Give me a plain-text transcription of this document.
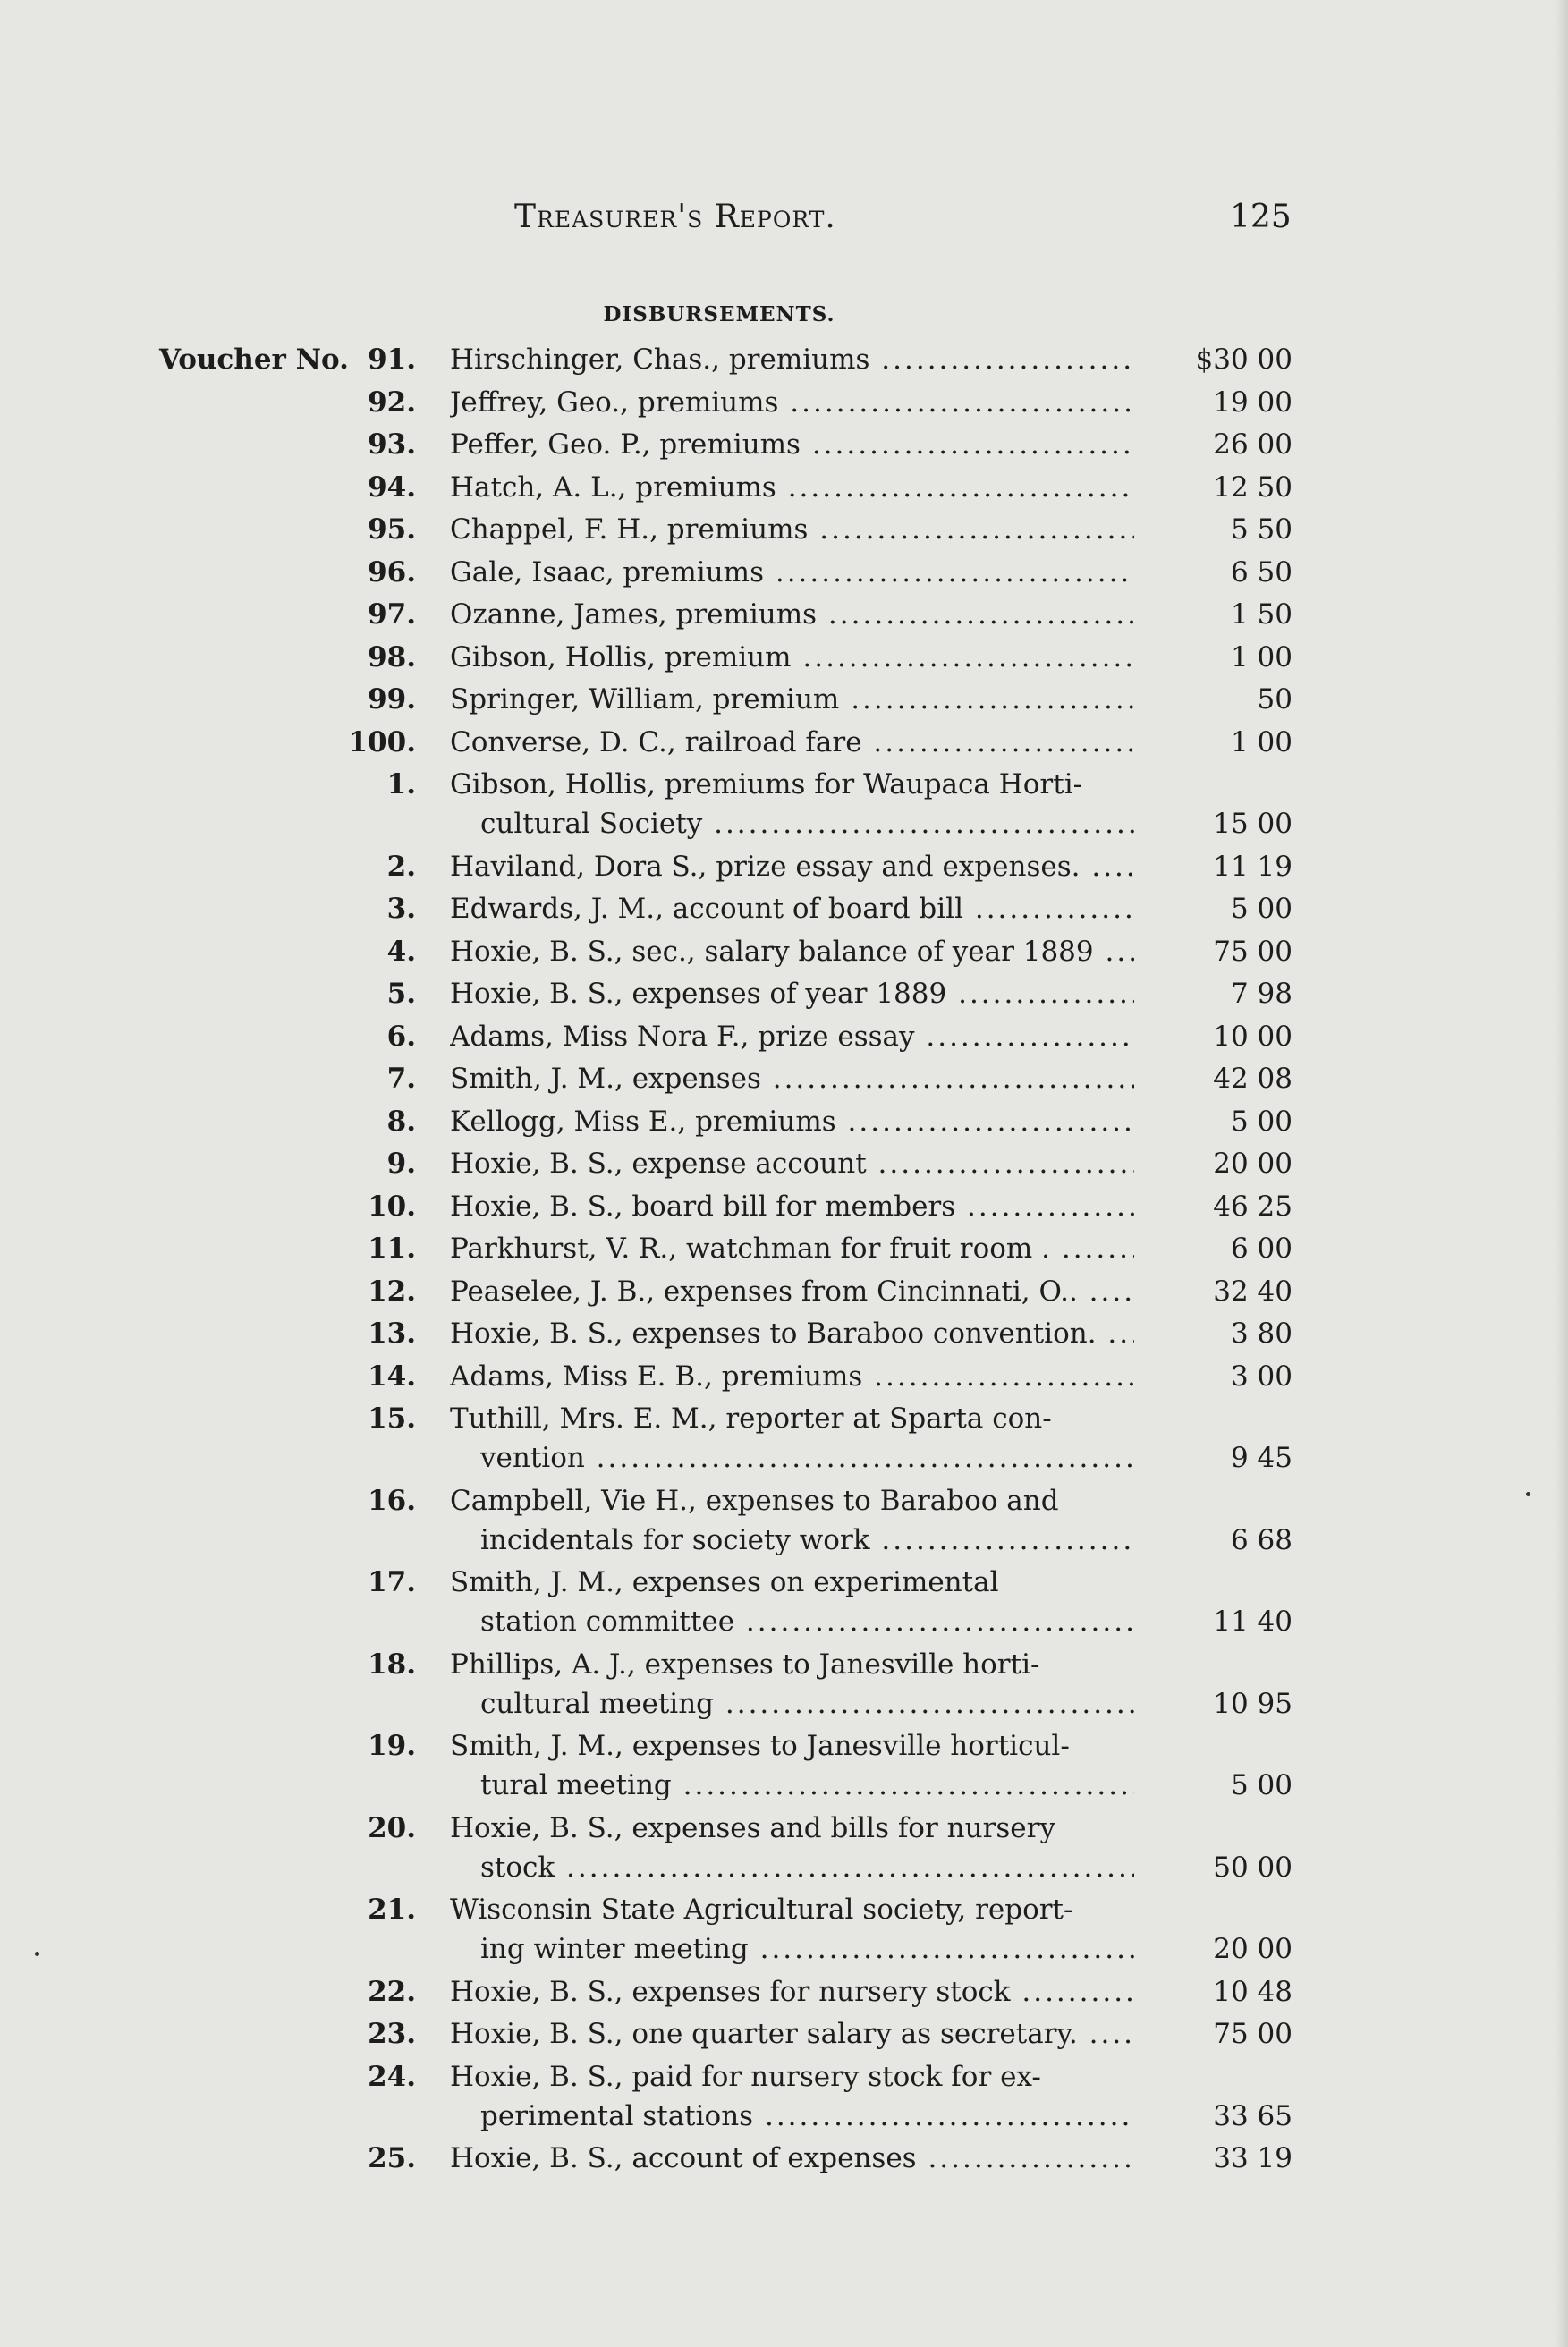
Treasurer's Report.	125
DISBURSEMENTS.
Voucher No. 91. Hirschinger, Chas., premiums .....	$30 00
92. Jeffrey, Geo., premiums .....	19 00
93. Peffer, Geo. P., premiums .....	26 00
94. Hatch, A. L., premiums .....	12 50
95. Chappel, F. H., premiums .....	5 50
96. Gale, Isaac, premiums .....	6 50
97. Ozanne, James, premiums .....	1 50
98. Gibson, Hollis, premium .....	1 00
99. Springer, William, premium .....	50
100. Converse, D. C., railroad fare .....	1 00
1. Gibson, Hollis, premiums for Waupaca Horti-
cultural Society .....	15 00
2. Haviland, Dora S., prize essay and expenses. .....	11 19
3. Edwards, J. M., account of board bill .....	5 00
4. Hoxie, B. S., sec., salary balance of year 1889 .....	75 00
5. Hoxie, B. S., expenses of year 1889 .....	7 98
6. Adams, Miss Nora F., prize essay .....	10 00
7. Smith, J. M., expenses .....	42 08
8. Kellogg, Miss E., premiums .....	5 00
9. Hoxie, B. S., expense account .....	20 00
10. Hoxie, B. S., board bill for members .....	46 25
11. Parkhurst, V. R., watchman for fruit room . .....	6 00
12. Peaselee, J. B., expenses from Cincinnati, O.. .....	32 40
13. Hoxie, B. S., expenses to Baraboo convention. .....	3 80
14. Adams, Miss E. B., premiums .....	3 00
15. Tuthill, Mrs. E. M., reporter at Sparta con-
vention .....	9 45
16. Campbell, Vie H., expenses to Baraboo and
incidentals for society work .....	6 68
17. Smith, J. M., expenses on experimental
station committee .....	11 40
18. Phillips, A. J., expenses to Janesville horti-
cultural meeting .....	10 95
19. Smith, J. M., expenses to Janesville horticul-
tural meeting .....	5 00
20. Hoxie, B. S., expenses and bills for nursery
stock .....	50 00
21. Wisconsin State Agricultural society, report-
ing winter meeting .....	20 00
22. Hoxie, B. S., expenses for nursery stock .....	10 48
23. Hoxie, B. S., one quarter salary as secretary. .....	75 00
24. Hoxie, B. S., paid for nursery stock for ex-
perimental stations .....	33 65
25. Hoxie, B. S., account of expenses .....	33 19
